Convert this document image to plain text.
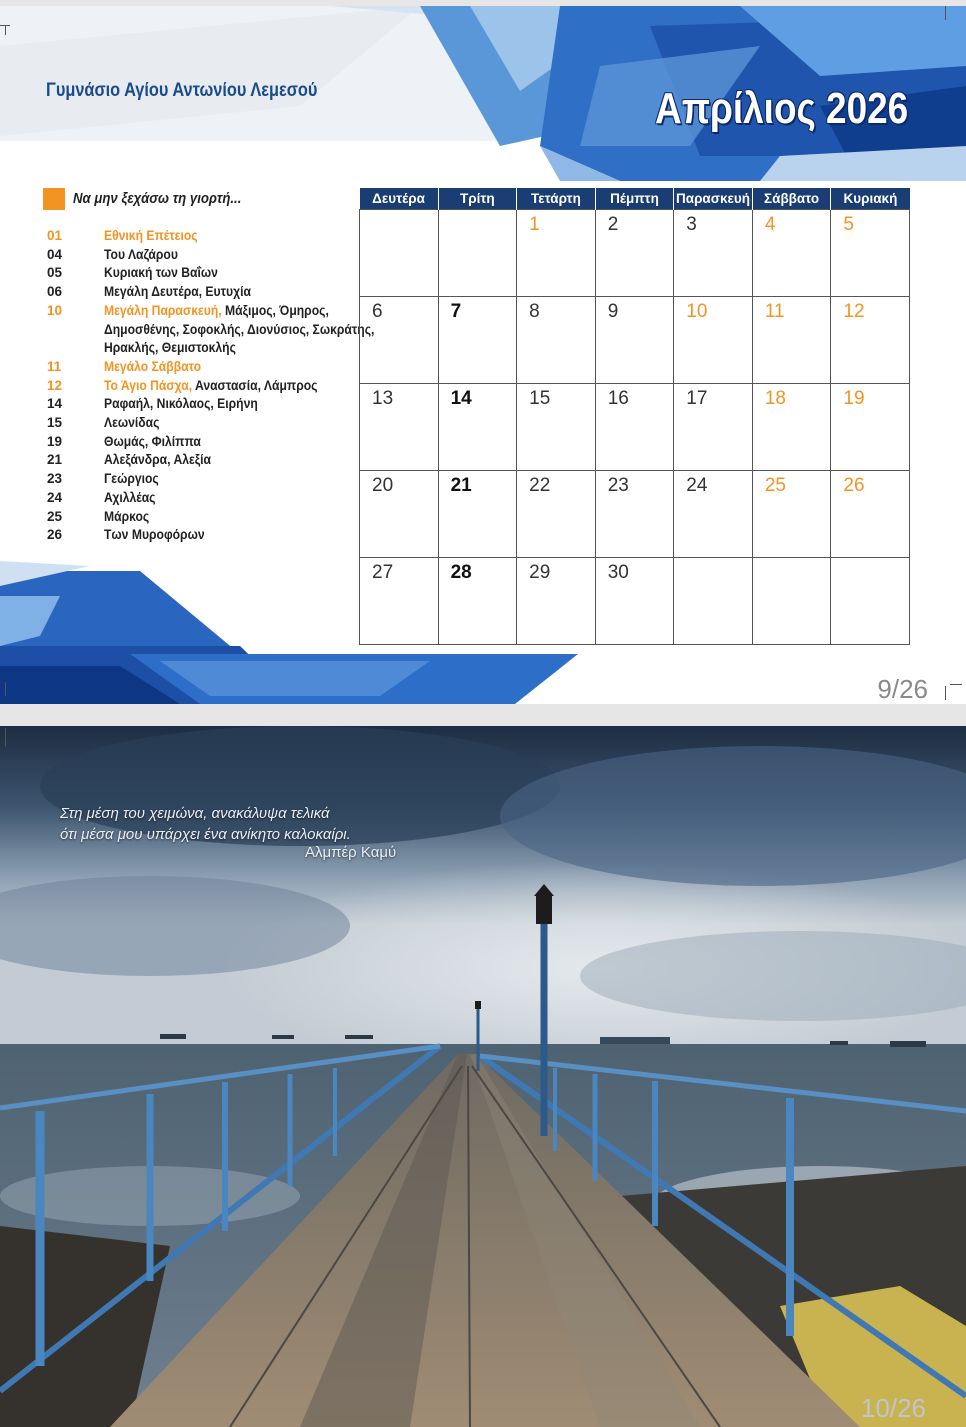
Γυμνάσιο Αγίου Αντωνίου Λεμεσού	Απρίλιος 2026
Να μην ξεχάσω τη γιορτή...
01	Εθνική Επέτειος
04	Του Λαζάρου
05	Κυριακή των Βαΐων
06	Μεγάλη Δευτέρα, Ευτυχία
10	Μεγάλη Παρασκευή, Μάξιμος, Όμηρος, Δημοσθένης, Σοφοκλής, Διονύσιος, Σωκράτης, Ηρακλής, Θεμιστοκλής
11	Μεγάλο Σάββατο
12	Το Άγιο Πάσχα, Αναστασία, Λάμπρος
14	Ραφαήλ, Νικόλαος, Ειρήνη
15	Λεωνίδας
19	Θωμάς, Φιλίππα
21	Αλεξάνδρα, Αλεξία
23	Γεώργιος
24	Αχιλλέας
25	Μάρκος
26	Των Μυροφόρων
Δευτέρα	Τρίτη	Τετάρτη	Πέμπτη	Παρασκευή	Σάββατο	Κυριακή
		1	2	3	4	5
6	7	8	9	10	11	12
13	14	15	16	17	18	19
20	21	22	23	24	25	26
27	28	29	30			
9/26
Στη μέση του χειμώνα, ανακάλυψα τελικά
ότι μέσα μου υπάρχει ένα ανίκητο καλοκαίρι.
Αλμπέρ Καμύ
10/26
